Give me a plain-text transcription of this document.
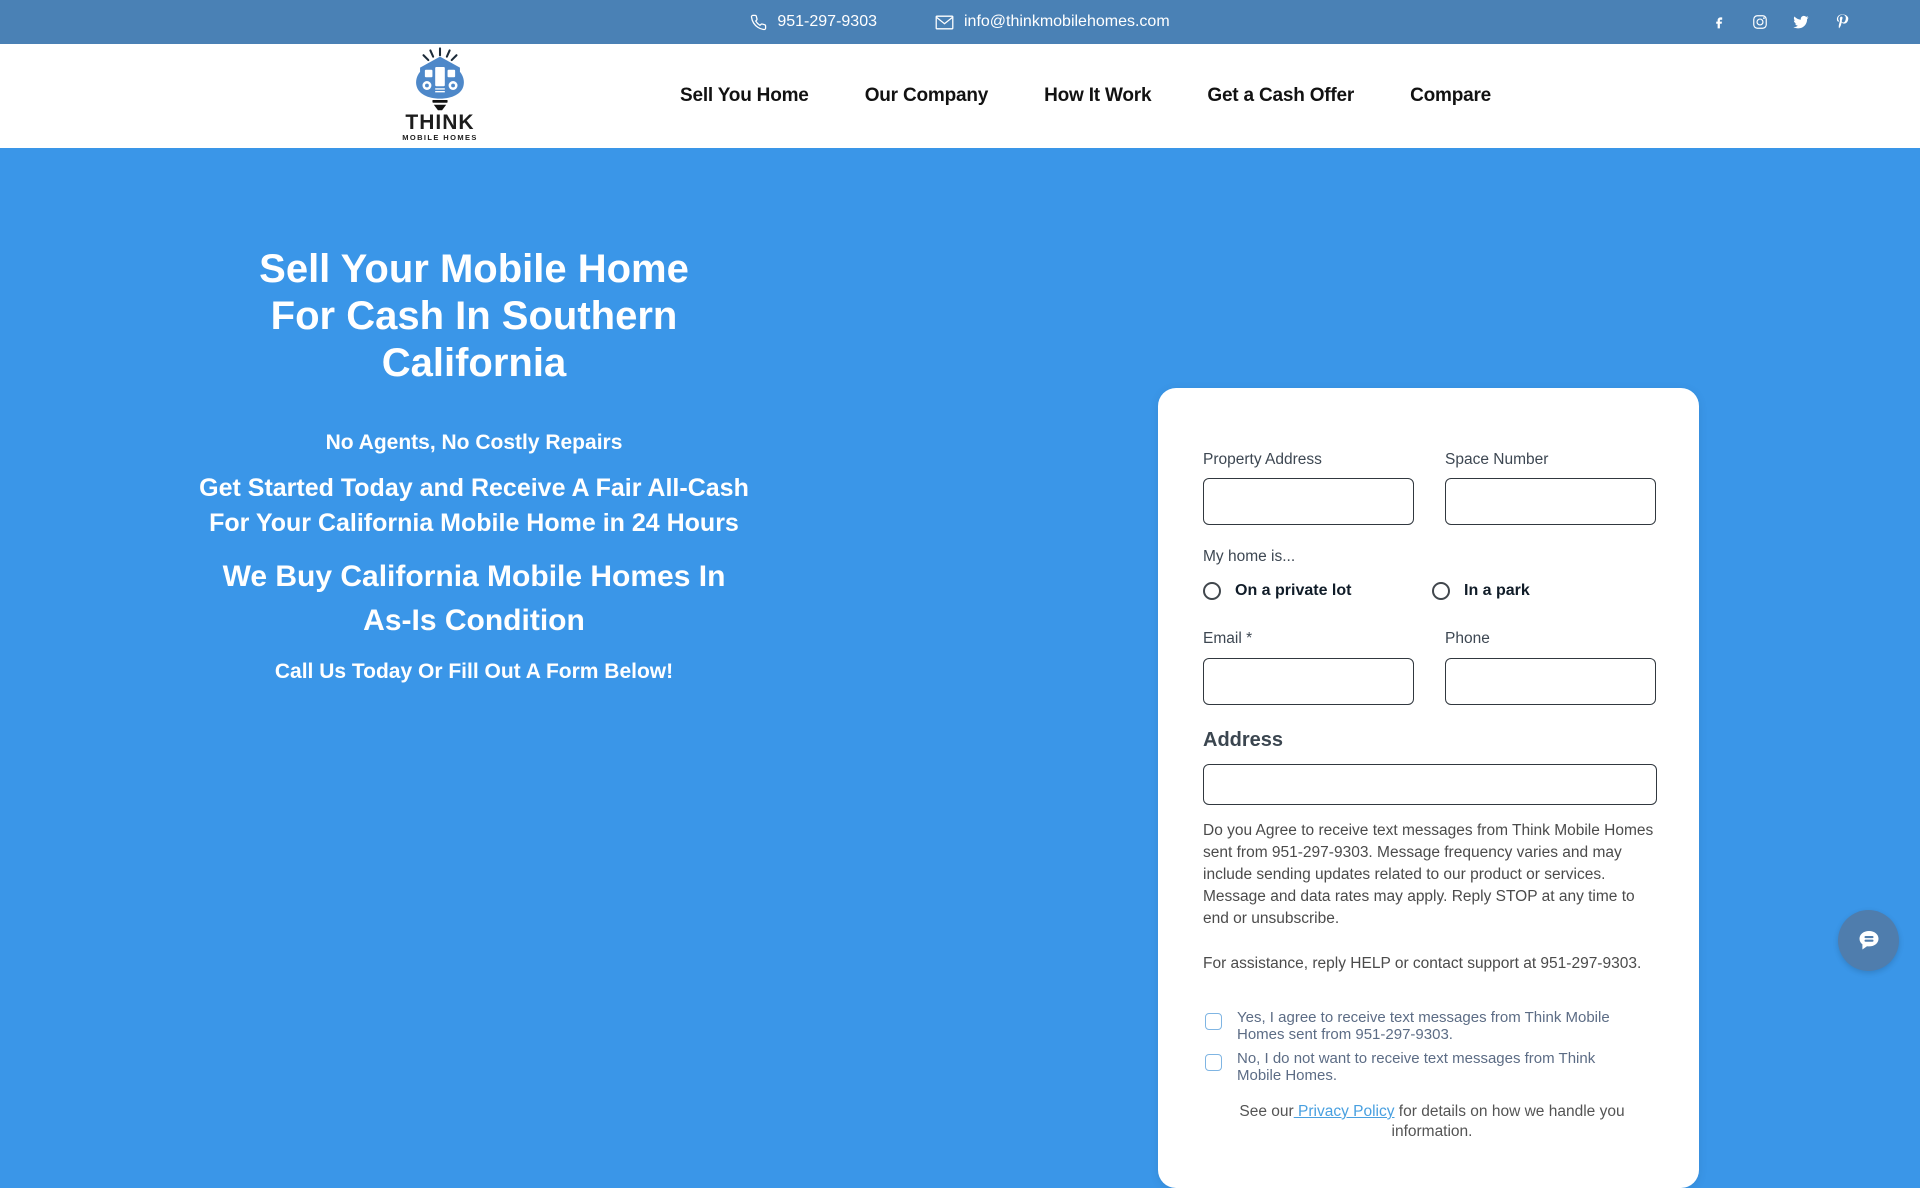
951-297-9303	info@thinkmobilehomes.com
THINK
MOBILE HOMES
Sell You Home	Our Company	How It Work	Get a Cash Offer	Compare
Sell Your Mobile Home
For Cash In Southern
California
No Agents, No Costly Repairs
Get Started Today and Receive A Fair All-Cash
For Your California Mobile Home in 24 Hours
We Buy California Mobile Homes In
As-Is Condition
Call Us Today Or Fill Out A Form Below!
Property Address	Space Number
My home is...
On a private lot	In a park
Email *	Phone
Address

Do you Agree to receive text messages from Think Mobile Homes sent from 951-297-9303. Message frequency varies and may include sending updates related to our product or services. Message and data rates may apply. Reply STOP at any time to end or unsubscribe.

For assistance, reply HELP or contact support at 951-297-9303.

Yes, I agree to receive text messages from Think Mobile Homes sent from 951-297-9303.
No, I do not want to receive text messages from Think Mobile Homes.

See our Privacy Policy for details on how we handle you information.
